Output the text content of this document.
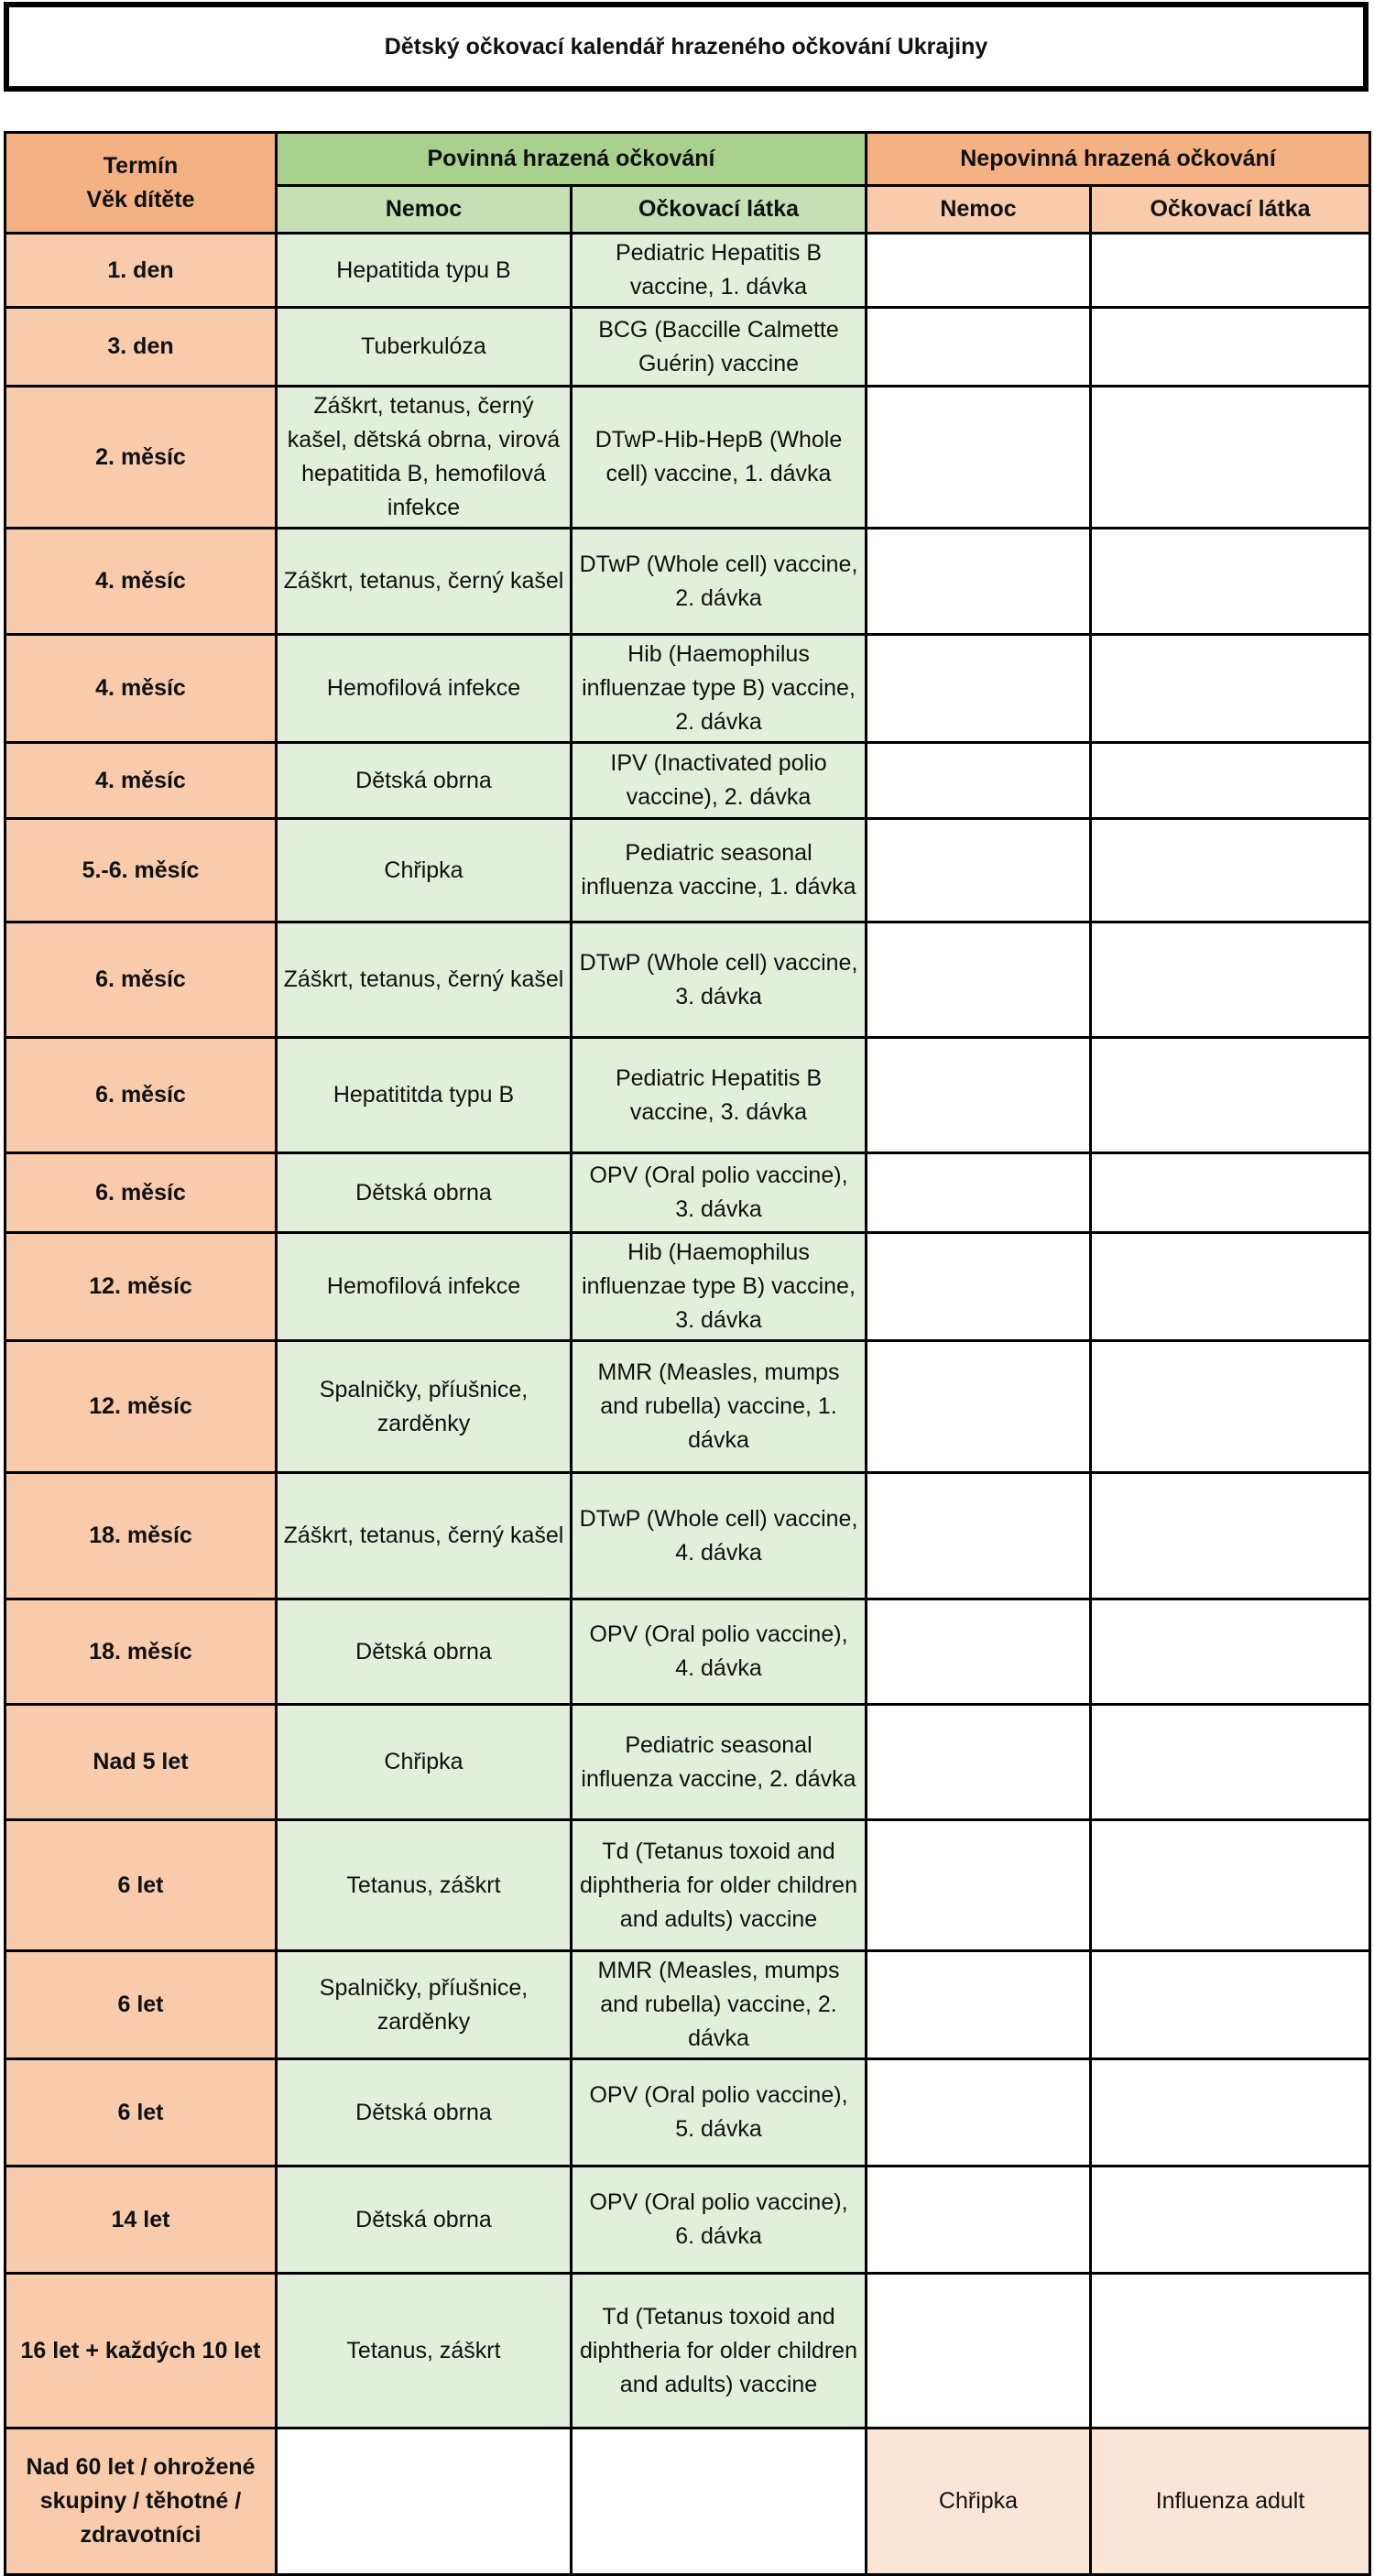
Dětský očkovací kalendář hrazeného očkování Ukrajiny
Termín
Věk dítěte	Povinná hrazená očkování		Nepovinná hrazená očkování	
	Nemoc	Očkovací látka	Nemoc	Očkovací látka
1. den	Hepatitida typu B	Pediatric Hepatitis B vaccine, 1. dávka		
3. den	Tuberkulóza	BCG (Baccille Calmette Guérin) vaccine		
2. měsíc	Záškrt, tetanus, černý kašel, dětská obrna, virová hepatitida B, hemofilová infekce	DTwP-Hib-HepB (Whole cell) vaccine, 1. dávka		
4. měsíc	Záškrt, tetanus, černý kašel	DTwP (Whole cell) vaccine, 2. dávka		
4. měsíc	Hemofilová infekce	Hib (Haemophilus influenzae type B) vaccine, 2. dávka		
4. měsíc	Dětská obrna	IPV (Inactivated polio vaccine), 2. dávka		
5.-6. měsíc	Chřipka	Pediatric seasonal influenza vaccine, 1. dávka		
6. měsíc	Záškrt, tetanus, černý kašel	DTwP (Whole cell) vaccine, 3. dávka		
6. měsíc	Hepatititda typu B	Pediatric Hepatitis B vaccine, 3. dávka		
6. měsíc	Dětská obrna	OPV (Oral polio vaccine), 3. dávka		
12. měsíc	Hemofilová infekce	Hib (Haemophilus influenzae type B) vaccine, 3. dávka		
12. měsíc	Spalničky, příušnice, zarděnky	MMR (Measles, mumps and rubella) vaccine, 1. dávka		
18. měsíc	Záškrt, tetanus, černý kašel	DTwP (Whole cell) vaccine, 4. dávka		
18. měsíc	Dětská obrna	OPV (Oral polio vaccine), 4. dávka		
Nad 5 let	Chřipka	Pediatric seasonal influenza vaccine, 2. dávka		
6 let	Tetanus, záškrt	Td (Tetanus toxoid and diphtheria for older children and adults) vaccine		
6 let	Spalničky, příušnice, zarděnky	MMR (Measles, mumps and rubella) vaccine, 2. dávka		
6 let	Dětská obrna	OPV (Oral polio vaccine), 5. dávka		
14 let	Dětská obrna	OPV (Oral polio vaccine), 6. dávka		
16 let + každých 10 let	Tetanus, záškrt	Td (Tetanus toxoid and diphtheria for older children and adults) vaccine		
Nad 60 let / ohrožené skupiny / těhotné / zdravotníci			Chřipka	Influenza adult
